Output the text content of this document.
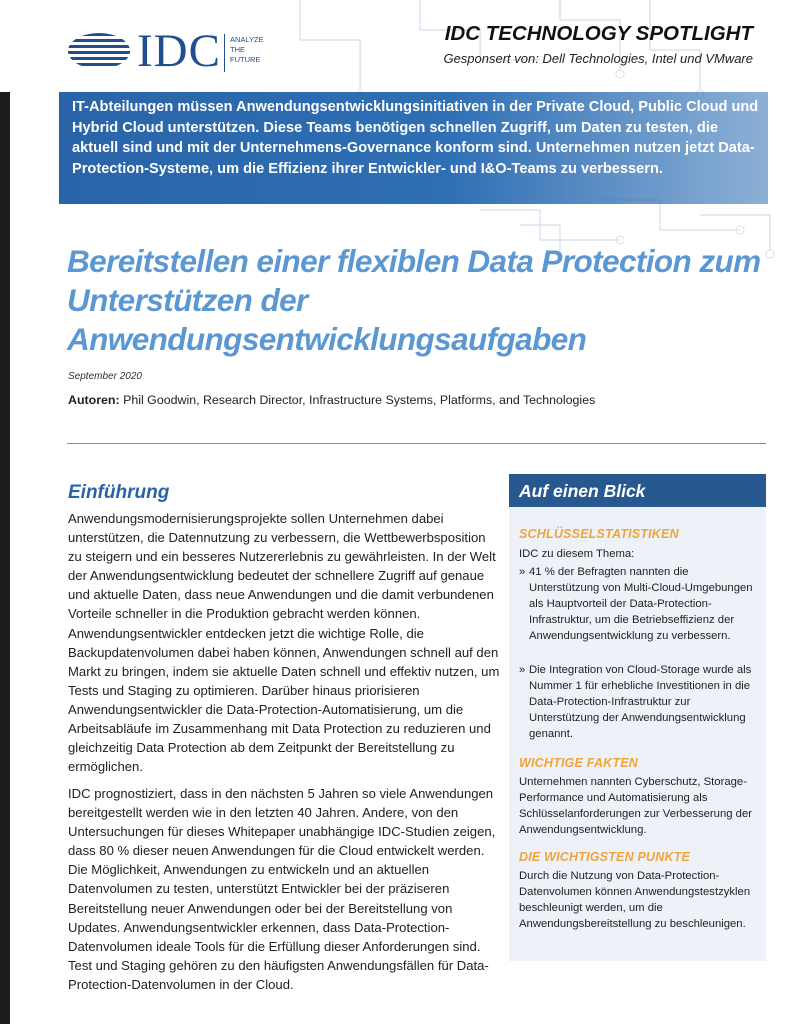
IDC ANALYZE
THE
FUTURE
IDC TECHNOLOGY SPOTLIGHT
Gesponsert von: Dell Technologies, Intel und VMware

IT-Abteilungen müssen Anwendungsentwicklungsinitiativen in der Private Cloud, Public Cloud und Hybrid Cloud unterstützen. Diese Teams benötigen schnellen Zugriff, um Daten zu testen, die aktuell sind und mit der Unternehmens-Governance konform sind. Unternehmen nutzen jetzt Data-Protection-Systeme, um die Effizienz ihrer Entwickler- und I&O-Teams zu verbessern.

Bereitstellen einer flexiblen Data Protection zum Unterstützen der Anwendungsentwicklungsaufgaben
September 2020
Autoren: Phil Goodwin, Research Director, Infrastructure Systems, Platforms, and Technologies
Einführung

Anwendungsmodernisierungsprojekte sollen Unternehmen dabei unterstützen, die Datennutzung zu verbessern, die Wettbewerbsposition zu steigern und ein besseres Nutzererlebnis zu gewährleisten. In der Welt der Anwendungsentwicklung bedeutet der schnellere Zugriff auf genaue und aktuelle Daten, dass neue Anwendungen und die damit verbundenen Vorteile schneller in die Produktion gebracht werden können. Anwendungsentwickler entdecken jetzt die wichtige Rolle, die Backupdatenvolumen dabei haben können, Anwendungen schnell auf den Markt zu bringen, indem sie aktuelle Daten schnell und effektiv nutzen, um Tests und Staging zu optimieren. Darüber hinaus priorisieren Anwendungsentwickler die Data-Protection-Automatisierung, um die Arbeitsabläufe im Zusammenhang mit Data Protection zu reduzieren und gleichzeitig Data Protection ab dem Zeitpunkt der Bereitstellung zu ermöglichen.

IDC prognostiziert, dass in den nächsten 5 Jahren so viele Anwendungen bereitgestellt werden wie in den letzten 40 Jahren. Andere, von den Untersuchungen für dieses Whitepaper unabhängige IDC-Studien zeigen, dass 80 % dieser neuen Anwendungen für die Cloud entwickelt werden. Die Möglichkeit, Anwendungen zu entwickeln und an aktuellen Datenvolumen zu testen, unterstützt Entwickler bei der präziseren Bereitstellung neuer Anwendungen oder bei der Bereitstellung von Updates. Anwendungsentwickler erkennen, dass Data-Protection-Datenvolumen ideale Tools für die Erfüllung dieser Anforderungen sind. Test und Staging gehören zu den häufigsten Anwendungsfällen für Data-Protection-Datenvolumen in der Cloud.

Auf einen Blick
SCHLÜSSELSTATISTIKEN

IDC zu diesem Thema:

» 41 % der Befragten nannten die Unterstützung von Multi-Cloud-Umgebungen als Hauptvorteil der Data-Protection-Infrastruktur, um die Betriebseffizienz der Anwendungsentwicklung zu verbessern.
» Die Integration von Cloud-Storage wurde als Nummer 1 für erhebliche Investitionen in die Data-Protection-Infrastruktur zur Unterstützung der Anwendungsentwicklung genannt.
WICHTIGE FAKTEN

Unternehmen nannten Cyberschutz, Storage-Performance und Automatisierung als Schlüsselanforderungen zur Verbesserung der Anwendungsentwicklung.

DIE WICHTIGSTEN PUNKTE

Durch die Nutzung von Data-Protection-Datenvolumen können Anwendungstestzyklen beschleunigt werden, um die Anwendungsbereitstellung zu beschleunigen.
